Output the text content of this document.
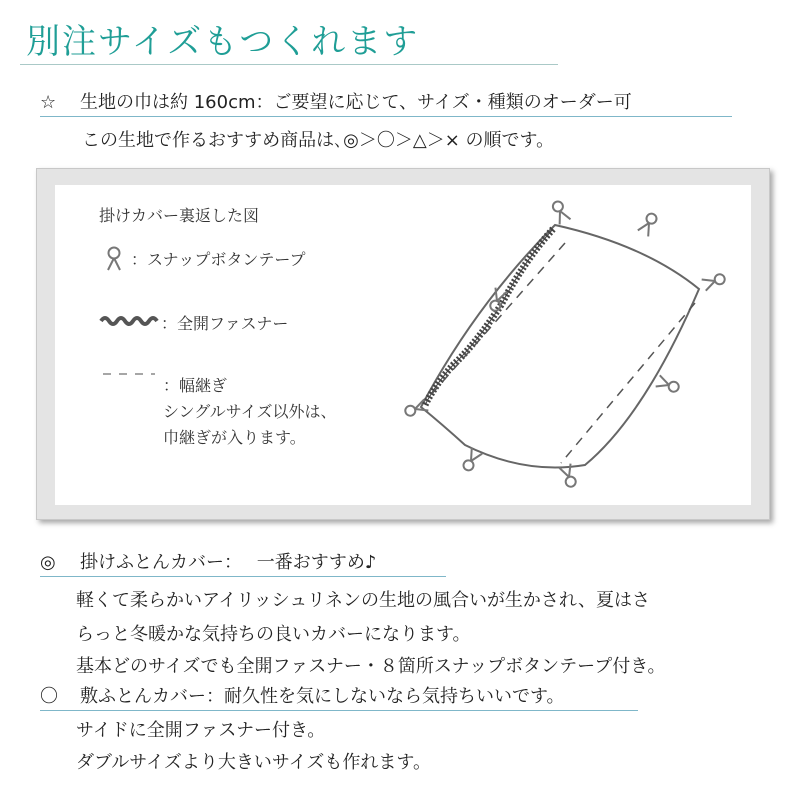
別注サイズもつくれます
☆ 生地の巾は約 160cm：ご要望に応じて、サイズ・種類のオーダー可
この生地で作るおすすめ商品は､◎＞〇＞△＞× の順です。
掛けカバー裏返した図
：スナップボタンテープ
：全開ファスナー
：幅継ぎ
シングルサイズ以外は、
巾継ぎが入ります。
◎ 掛けふとんカバー：　 一番おすすめ♪
軽くて柔らかいアイリッシュリネンの生地の風合いが生かされ、夏はさ
らっと冬暖かな気持ちの良いカバーになります。
基本どのサイズでも全開ファスナー・８箇所スナップボタンテープ付き。
〇 敷ふとんカバー：耐久性を気にしないなら気持ちいいです。
サイドに全開ファスナー付き。
ダブルサイズより大きいサイズも作れます。
